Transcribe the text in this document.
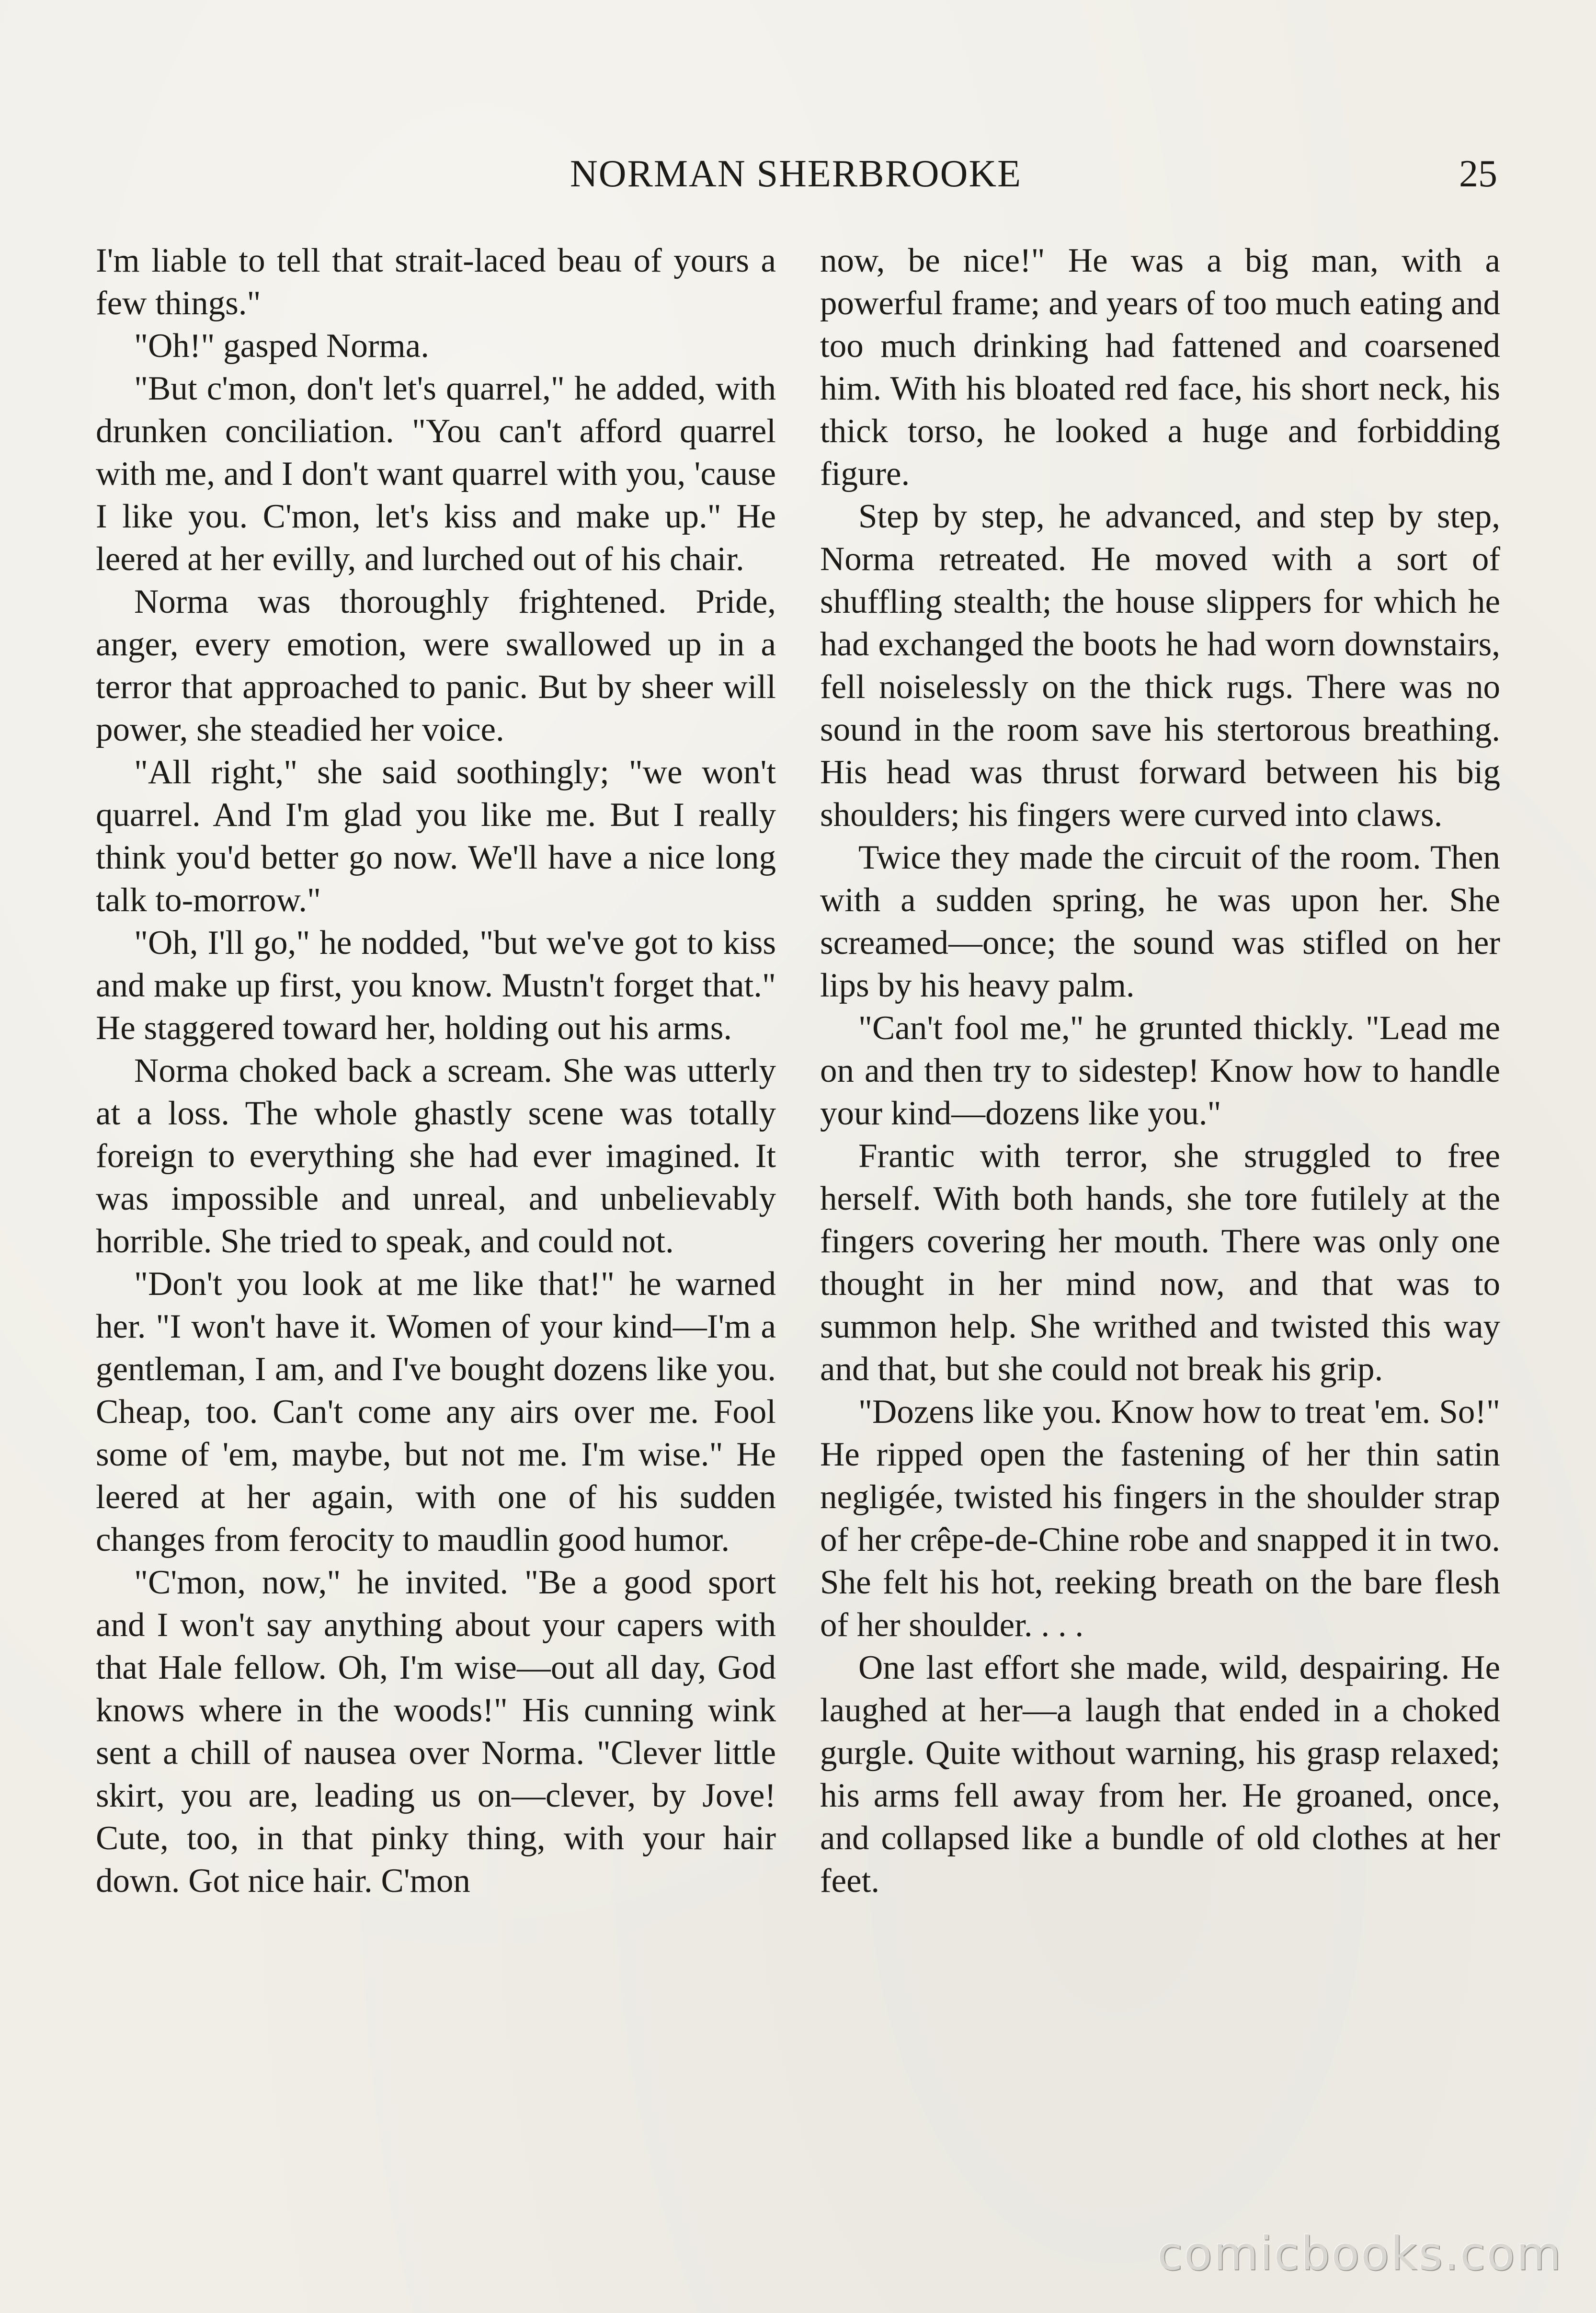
NORMAN SHERBROOKE	25

I'm liable to tell that strait-laced beau of yours a few things."

"Oh!" gasped Norma.

"But c'mon, don't let's quarrel," he added, with drunken conciliation. "You can't afford quarrel with me, and I don't want quarrel with you, 'cause I like you. C'mon, let's kiss and make up." He leered at her evilly, and lurched out of his chair.

Norma was thoroughly frightened. Pride, anger, every emotion, were swallowed up in a terror that approached to panic. But by sheer will power, she steadied her voice.

"All right," she said soothingly; "we won't quarrel. And I'm glad you like me. But I really think you'd better go now. We'll have a nice long talk to-morrow."

"Oh, I'll go," he nodded, "but we've got to kiss and make up first, you know. Mustn't forget that." He staggered toward her, holding out his arms.

Norma choked back a scream. She was utterly at a loss. The whole ghastly scene was totally foreign to everything she had ever imagined. It was impossible and unreal, and unbelievably horrible. She tried to speak, and could not.

"Don't you look at me like that!" he warned her. "I won't have it. Women of your kind—I'm a gentleman, I am, and I've bought dozens like you. Cheap, too. Can't come any airs over me. Fool some of 'em, maybe, but not me. I'm wise." He leered at her again, with one of his sudden changes from ferocity to maudlin good humor.

"C'mon, now," he invited. "Be a good sport and I won't say anything about your capers with that Hale fellow. Oh, I'm wise—out all day, God knows where in the woods!" His cunning wink sent a chill of nausea over Norma. "Clever little skirt, you are, leading us on—clever, by Jove! Cute, too, in that pinky thing, with your hair down. Got nice hair. C'mon

now, be nice!" He was a big man, with a powerful frame; and years of too much eating and too much drinking had fattened and coarsened him. With his bloated red face, his short neck, his thick torso, he looked a huge and forbidding figure.

Step by step, he advanced, and step by step, Norma retreated. He moved with a sort of shuffling stealth; the house slippers for which he had exchanged the boots he had worn downstairs, fell noiselessly on the thick rugs. There was no sound in the room save his stertorous breathing. His head was thrust forward between his big shoulders; his fingers were curved into claws.

Twice they made the circuit of the room. Then with a sudden spring, he was upon her. She screamed—once; the sound was stifled on her lips by his heavy palm.

"Can't fool me," he grunted thickly. "Lead me on and then try to sidestep! Know how to handle your kind—dozens like you."

Frantic with terror, she struggled to free herself. With both hands, she tore futilely at the fingers covering her mouth. There was only one thought in her mind now, and that was to summon help. She writhed and twisted this way and that, but she could not break his grip.

"Dozens like you. Know how to treat 'em. So!" He ripped open the fastening of her thin satin negligée, twisted his fingers in the shoulder strap of her crêpe-de-Chine robe and snapped it in two. She felt his hot, reeking breath on the bare flesh of her shoulder. . . .

One last effort she made, wild, despairing. He laughed at her—a laugh that ended in a choked gurgle. Quite without warning, his grasp relaxed; his arms fell away from her. He groaned, once, and collapsed like a bundle of old clothes at her feet.

comicbooks.com
